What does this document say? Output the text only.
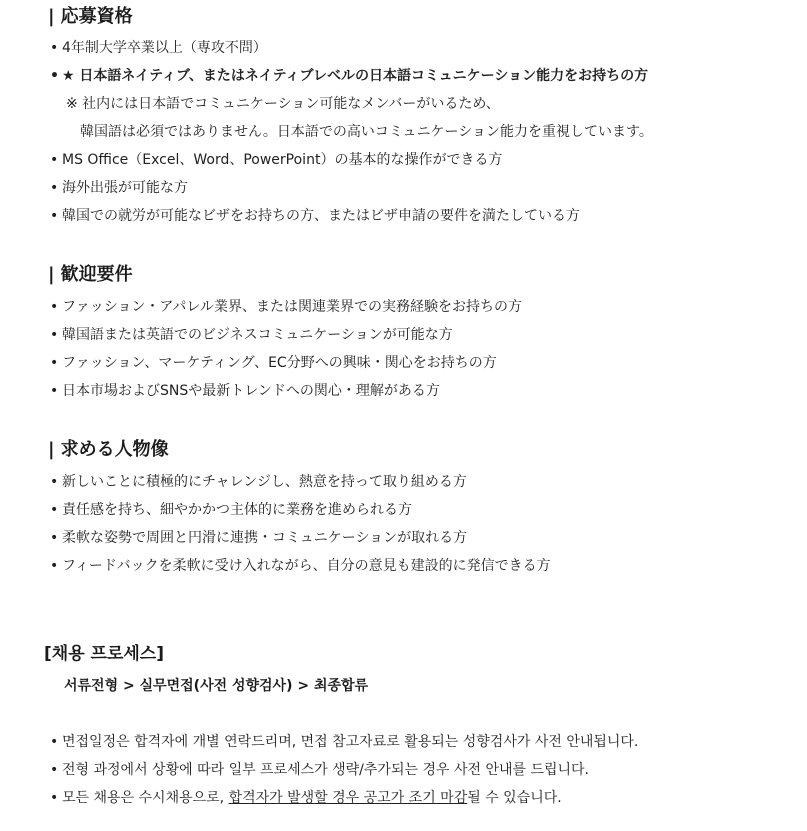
| 応募資格
• 4年制大学卒業以上（専攻不問）
• ★ 日本語ネイティブ、またはネイティブレベルの日本語コミュニケーション能力をお持ちの方
※ 社内には日本語でコミュニケーション可能なメンバーがいるため、
韓国語は必須ではありません。日本語での高いコミュニケーション能力を重視しています。
• MS Office（Excel、Word、PowerPoint）の基本的な操作ができる方
• 海外出張が可能な方
• 韓国での就労が可能なビザをお持ちの方、またはビザ申請の要件を満たしている方
| 歓迎要件
• ファッション・アパレル業界、または関連業界での実務経験をお持ちの方
• 韓国語または英語でのビジネスコミュニケーションが可能な方
• ファッション、マーケティング、EC分野への興味・関心をお持ちの方
• 日本市場およびSNSや最新トレンドへの関心・理解がある方
| 求める人物像
• 新しいことに積極的にチャレンジし、熱意を持って取り組める方
• 責任感を持ち、細やかかつ主体的に業務を進められる方
• 柔軟な姿勢で周囲と円滑に連携・コミュニケーションが取れる方
• フィードバックを柔軟に受け入れながら、自分の意見も建設的に発信できる方
[채용 프로세스]
서류전형 > 실무면접(사전 성향검사) > 최종합류
• 면접일정은 합격자에 개별 연락드리며, 면접 참고자료로 활용되는 성향검사가 사전 안내됩니다.
• 전형 과정에서 상황에 따라 일부 프로세스가 생략/추가되는 경우 사전 안내를 드립니다.
• 모든 채용은 수시채용으로, 합격자가 발생할 경우 공고가 조기 마감될 수 있습니다.
